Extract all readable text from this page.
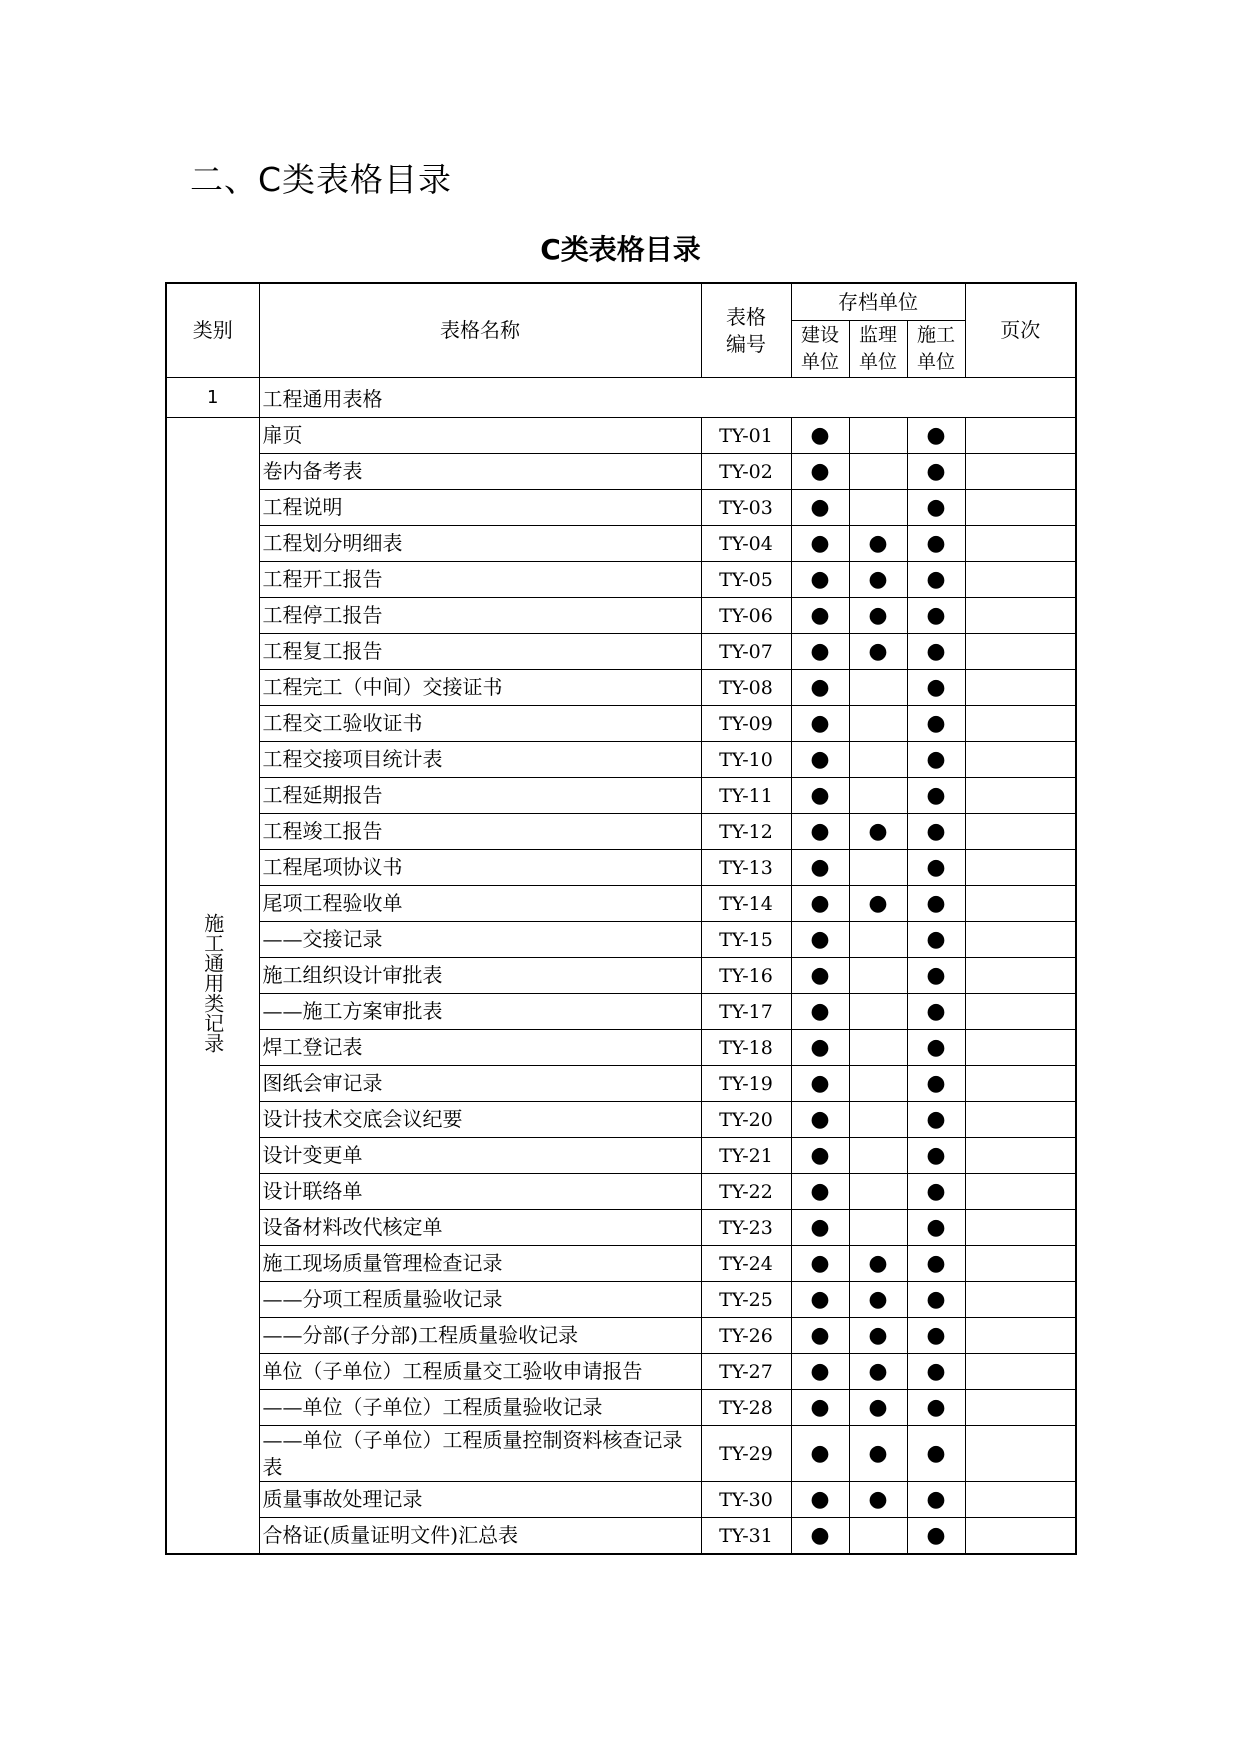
二、C类表格目录
C类表格目录
类别	表格名称	表格编号	存档单位			页次
			建设单位	监理单位	施工单位	
1	工程通用表格					
施工通用类记录	扉页	TY-01	●		●	
	卷内备考表	TY-02	●		●	
	工程说明	TY-03	●		●	
	工程划分明细表	TY-04	●	●	●	
	工程开工报告	TY-05	●	●	●	
	工程停工报告	TY-06	●	●	●	
	工程复工报告	TY-07	●	●	●	
	工程完工（中间）交接证书	TY-08	●		●	
	工程交工验收证书	TY-09	●		●	
	工程交接项目统计表	TY-10	●		●	
	工程延期报告	TY-11	●		●	
	工程竣工报告	TY-12	●	●	●	
	工程尾项协议书	TY-13	●		●	
	尾项工程验收单	TY-14	●	●	●	
	——交接记录	TY-15	●		●	
	施工组织设计审批表	TY-16	●		●	
	——施工方案审批表	TY-17	●		●	
	焊工登记表	TY-18	●		●	
	图纸会审记录	TY-19	●		●	
	设计技术交底会议纪要	TY-20	●		●	
	设计变更单	TY-21	●		●	
	设计联络单	TY-22	●		●	
	设备材料改代核定单	TY-23	●		●	
	施工现场质量管理检查记录	TY-24	●	●	●	
	——分项工程质量验收记录	TY-25	●	●	●	
	——分部(子分部)工程质量验收记录	TY-26	●	●	●	
	单位（子单位）工程质量交工验收申请报告	TY-27	●	●	●	
	——单位（子单位）工程质量验收记录	TY-28	●	●	●	
	——单位（子单位）工程质量控制资料核查记录表	TY-29	●	●	●	
	质量事故处理记录	TY-30	●	●	●	
	合格证(质量证明文件)汇总表	TY-31	●		●	
